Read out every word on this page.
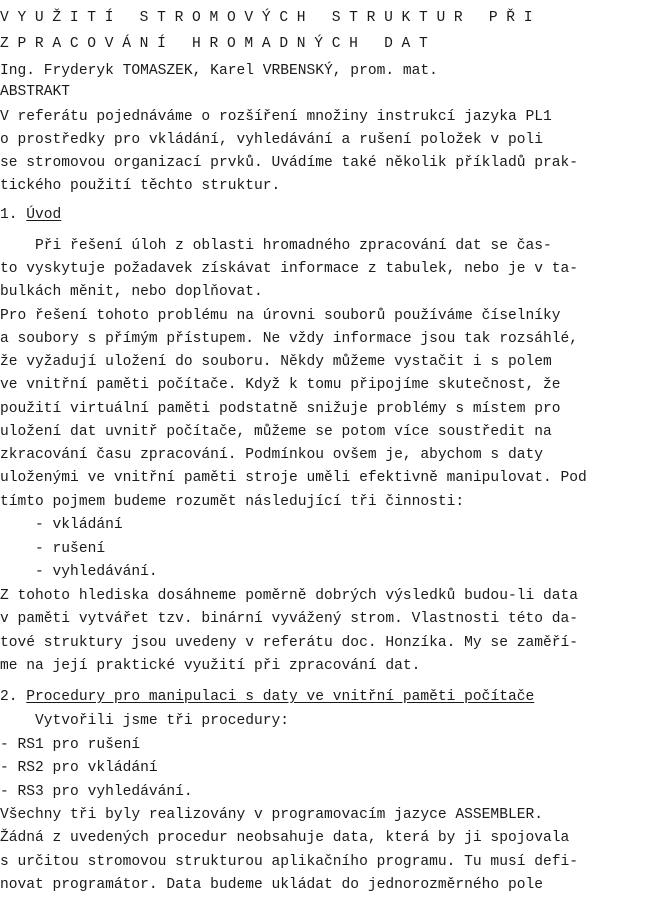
VYUŽITÍ STROMOVÝCH STRUKTUR PŘI
ZPRACOVÁNÍ HROMADNÝCH DAT
Ing. Fryderyk TOMASZEK, Karel VRBENSKÝ, prom. mat.
ABSTRAKT
V referátu pojednáváme o rozšíření množiny instrukcí jazyka PL1
o prostředky pro vkládání, vyhledávání a rušení položek v poli
se stromovou organizací prvků. Uvádíme také několik příkladů prak-
tického použití těchto struktur.
1. Úvod
Při řešení úloh z oblasti hromadného zpracování dat se čas-
to vyskytuje požadavek získávat informace z tabulek, nebo je v ta-
bulkách měnit, nebo doplňovat.
Pro řešení tohoto problému na úrovni souborů používáme číselníky
a soubory s přímým přístupem. Ne vždy informace jsou tak rozsáhlé,
že vyžadují uložení do souboru. Někdy můžeme vystačit i s polem
ve vnitřní paměti počítače. Když k tomu připojíme skutečnost, že
použití virtuální paměti podstatně snižuje problémy s místem pro
uložení dat uvnitř počítače, můžeme se potom více soustředit na
zkracování času zpracování. Podmínkou ovšem je, abychom s daty
uloženými ve vnitřní paměti stroje uměli efektivně manipulovat. Pod
tímto pojmem budeme rozumět následující tři činnosti:
- vkládání
- rušení
- vyhledávání.
Z tohoto hlediska dosáhneme poměrně dobrých výsledků budou-li data
v paměti vytvářet tzv. binární vyvážený strom. Vlastnosti této da-
tové struktury jsou uvedeny v referátu doc. Honzíka. My se zaměří-
me na její praktické využití při zpracování dat.
2. Procedury pro manipulaci s daty ve vnitřní paměti počítače
Vytvořili jsme tři procedury:
- RS1 pro rušení
- RS2 pro vkládání
- RS3 pro vyhledávání.
Všechny tři byly realizovány v programovacím jazyce ASSEMBLER.
Žádná z uvedených procedur neobsahuje data, která by ji spojovala
s určitou stromovou strukturou aplikačního programu. Tu musí defi-
novat programátor. Data budeme ukládat do jednorozměrného pole
